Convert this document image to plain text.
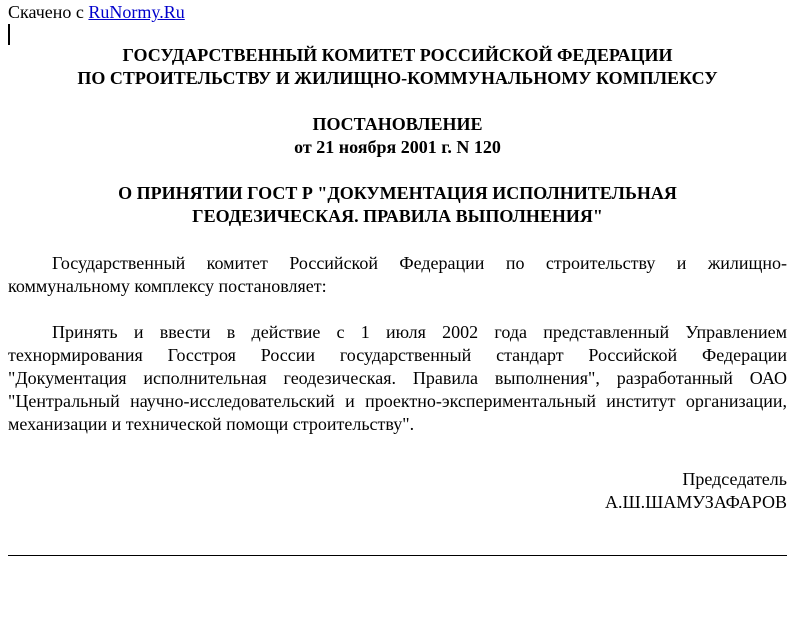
Скачено с RuNormy.Ru
ГОСУДАРСТВЕННЫЙ КОМИТЕТ РОССИЙСКОЙ ФЕДЕРАЦИИ
ПО СТРОИТЕЛЬСТВУ И ЖИЛИЩНО-КОММУНАЛЬНОМУ КОМПЛЕКСУ
ПОСТАНОВЛЕНИЕ
от 21 ноября 2001 г. N 120
О ПРИНЯТИИ ГОСТ Р "ДОКУМЕНТАЦИЯ ИСПОЛНИТЕЛЬНАЯ
ГЕОДЕЗИЧЕСКАЯ. ПРАВИЛА ВЫПОЛНЕНИЯ"

Государственный комитет Российской Федерации по строительству и жилищно-коммунальному комплексу постановляет:

Принять и ввести в действие с 1 июля 2002 года представленный Управлением технормирования Госстроя России государственный стандарт Российской Федерации "Документация исполнительная геодезическая. Правила выполнения", разработанный ОАО "Центральный научно-исследовательский и проектно-экспериментальный институт организации, механизации и технической помощи строительству".

Председатель
А.Ш.ШАМУЗАФАРОВ
